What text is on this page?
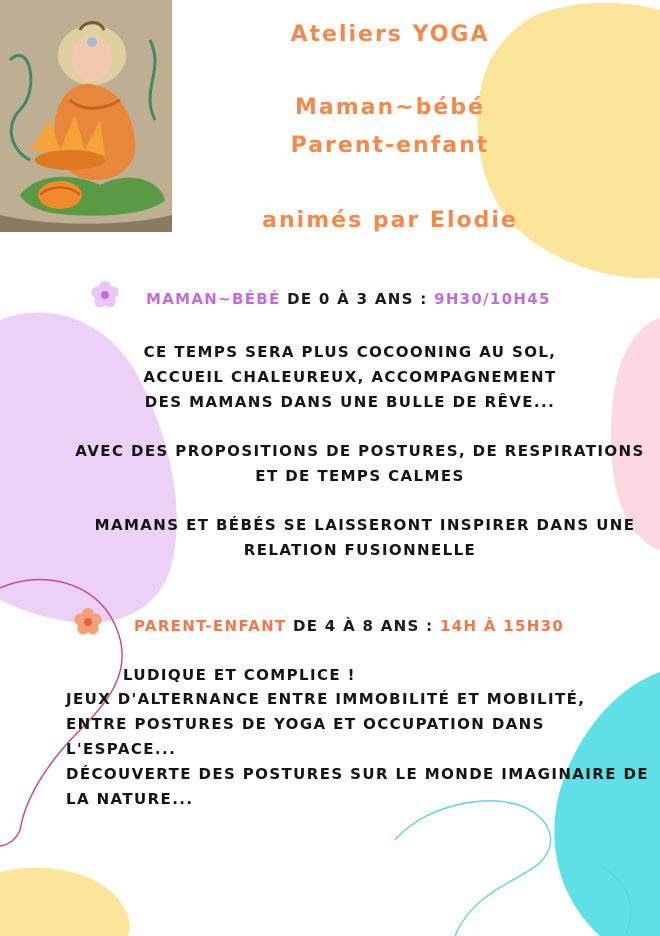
Ateliers YOGA
Maman~bébé
Parent-enfant
animés par Elodie
MAMAN~BÉBÉ DE 0 À 3 ANS : 9H30/10H45
CE TEMPS SERA PLUS COCOONING AU SOL,
ACCUEIL CHALEUREUX, ACCOMPAGNEMENT
DES MAMANS DANS UNE BULLE DE RÊVE...
AVEC DES PROPOSITIONS DE POSTURES, DE RESPIRATIONS
ET DE TEMPS CALMES
MAMANS ET BÉBÉS SE LAISSERONT INSPIRER DANS UNE
RELATION FUSIONNELLE
PARENT-ENFANT DE 4 À 8 ANS : 14H À 15H30
LUDIQUE ET COMPLICE !
JEUX D'ALTERNANCE ENTRE IMMOBILITÉ ET MOBILITÉ,
ENTRE POSTURES DE YOGA ET OCCUPATION DANS
L'ESPACE...
DÉCOUVERTE DES POSTURES SUR LE MONDE IMAGINAIRE DE
LA NATURE...
